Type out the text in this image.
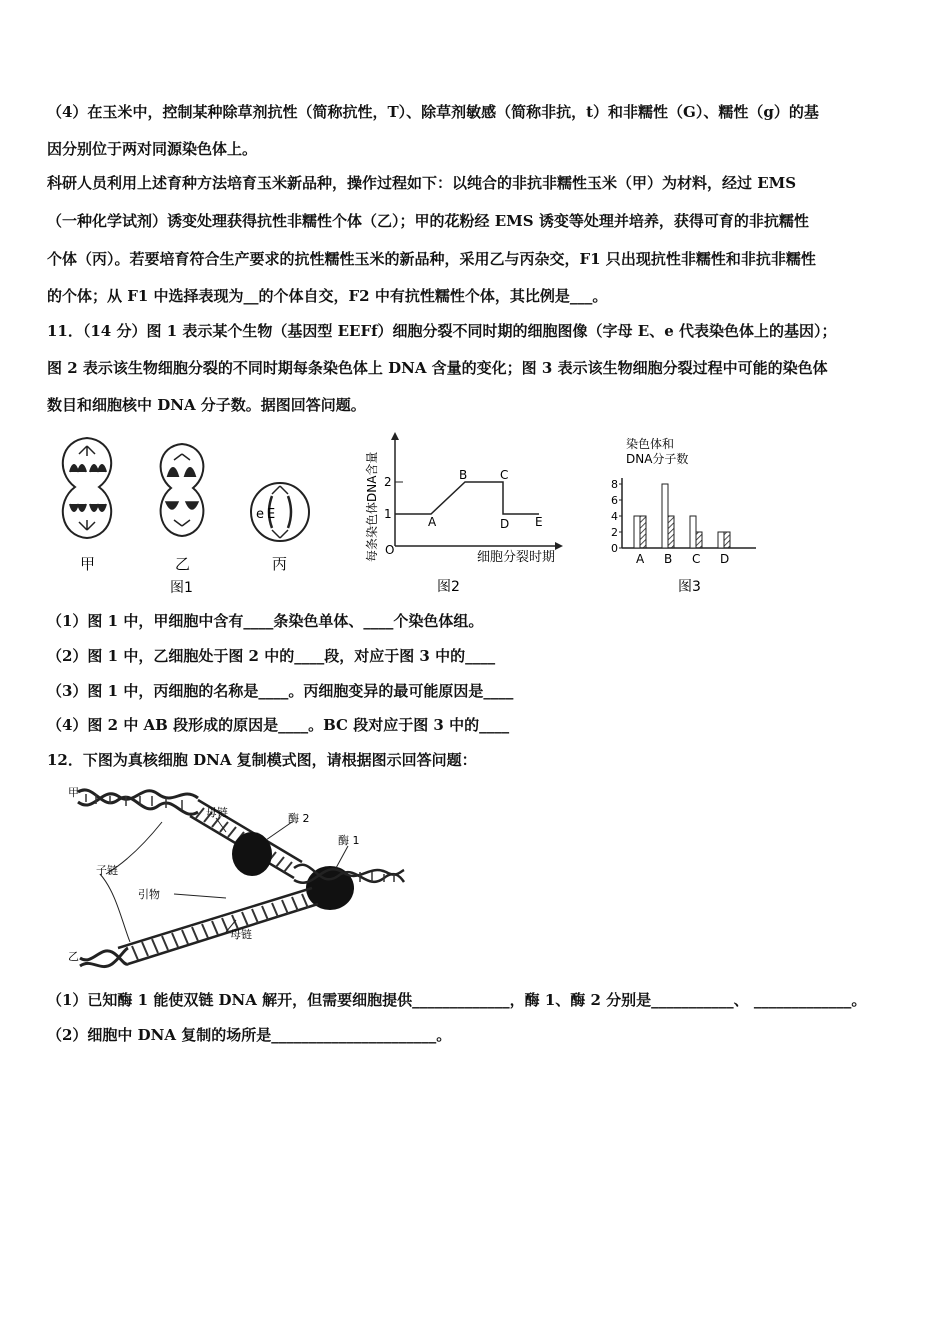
（4）在玉米中，控制某种除草剂抗性（简称抗性，T）、除草剂敏感（简称非抗，t）和非糯性（G）、糯性（g）的基
因分别位于两对同源染色体上。
科研人员利用上述育种方法培育玉米新品种，操作过程如下：以纯合的非抗非糯性玉米（甲）为材料，经过 EMS
（一种化学试剂）诱变处理获得抗性非糯性个体（乙）；甲的花粉经 EMS 诱变等处理并培养，获得可育的非抗糯性
个体（丙）。若要培育符合生产要求的抗性糯性玉米的新品种，采用乙与丙杂交，F1 只出现抗性非糯性和非抗非糯性
的个体；从 F1 中选择表现为__的个体自交，F2 中有抗性糯性个体，其比例是___。
11．（14 分）图 1 表示某个生物（基因型 EEFf）细胞分裂不同时期的细胞图像（字母 E、e 代表染色体上的基因）；
图 2 表示该生物细胞分裂的不同时期每条染色体上 DNA 含量的变化；图 3 表示该生物细胞分裂过程中可能的染色体
数目和细胞核中 DNA 分子数。据图回答问题。
e E
甲	乙	丙
图1
每条染色体DNA含量 O
1
2
A
B	C
D E
细胞分裂时期
图2
染色体和
DNA分子数
0
2
4
6
8
A B C D
图3
（1）图 1 中，甲细胞中含有____条染色单体、____个染色体组。
（2）图 1 中，乙细胞处于图 2 中的____段，对应于图 3 中的____
（3）图 1 中，丙细胞的名称是____。丙细胞变异的最可能原因是____
（4）图 2 中 AB 段形成的原因是____。BC 段对应于图 3 中的____
12．下图为真核细胞 DNA 复制模式图，请根据图示回答问题：
甲
母链	酶 2
酶 1
子链
引物
母链
乙
（1）已知酶 1 能使双链 DNA 解开，但需要细胞提供_____________，酶 1、酶 2 分别是___________、 _____________。
（2）细胞中 DNA 复制的场所是______________________。
